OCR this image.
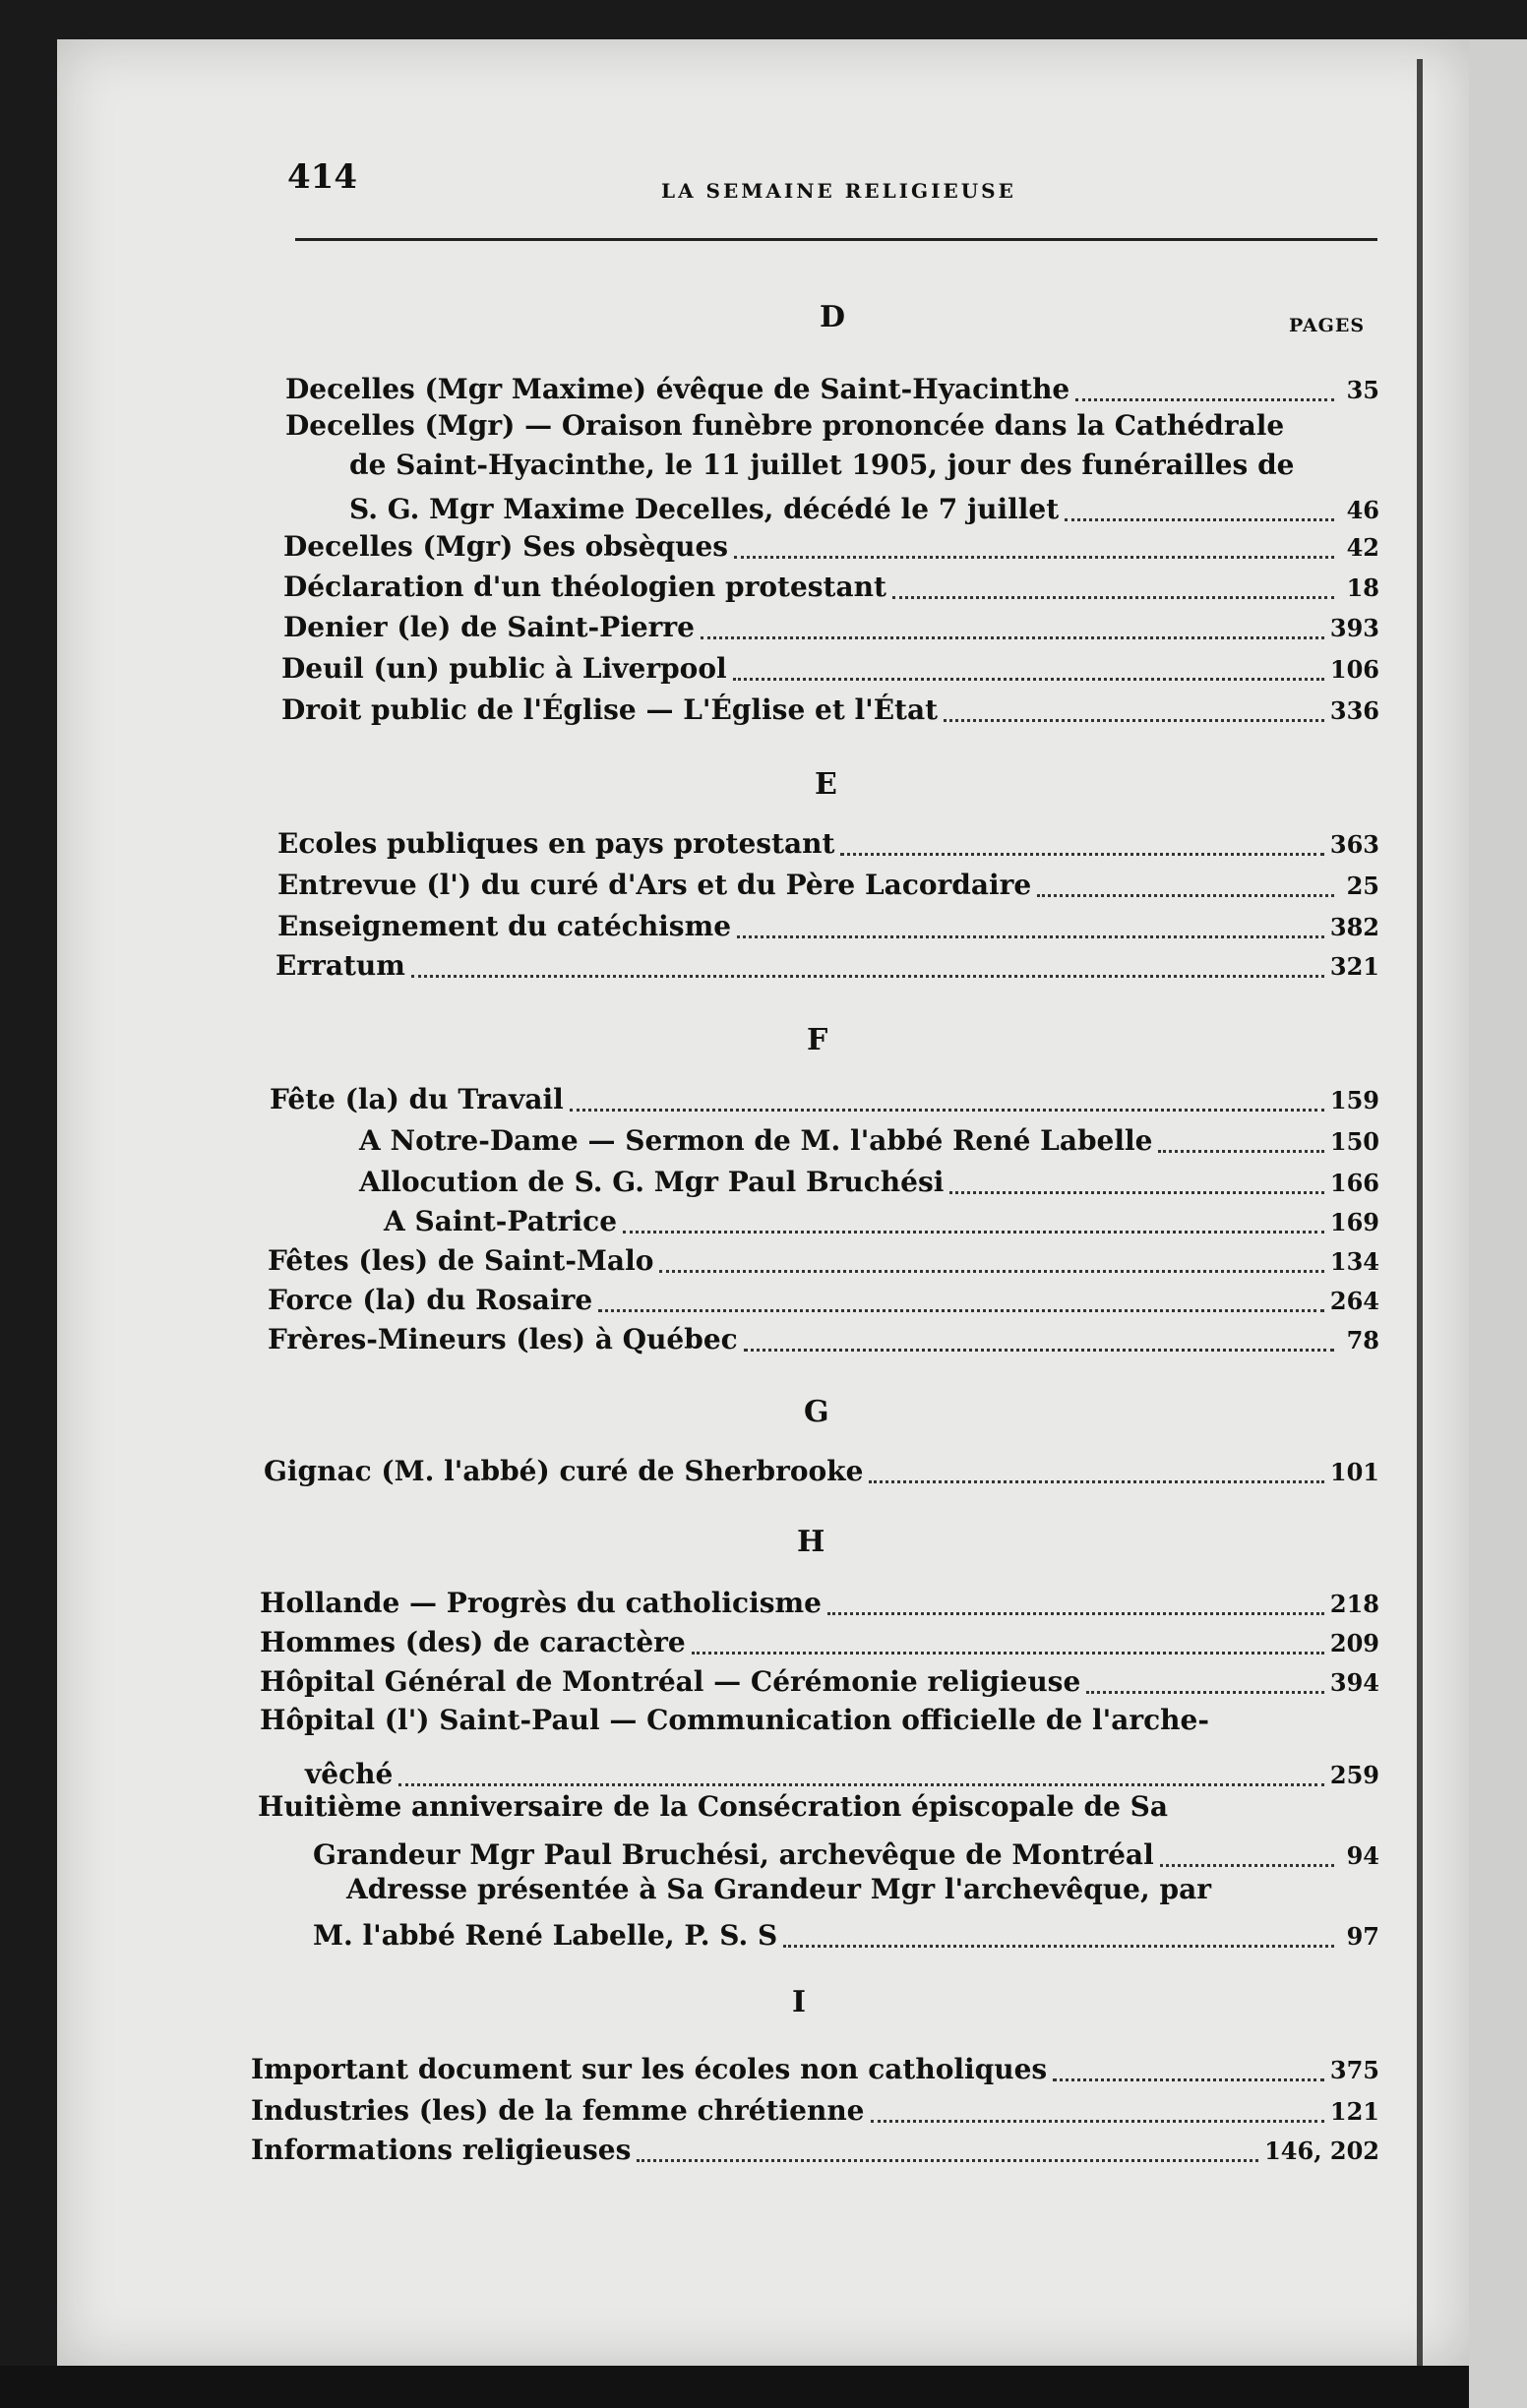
414	LA SEMAINE RELIGIEUSE
D	PAGES
Decelles (Mgr Maxime) évêque de Saint-Hyacinthe	35
Decelles (Mgr) — Oraison funèbre prononcée dans la Cathédrale
de Saint-Hyacinthe, le 11 juillet 1905, jour des funérailles de
S. G. Mgr Maxime Decelles, décédé le 7 juillet	46
Decelles (Mgr) Ses obsèques	42
Déclaration d'un théologien protestant	18
Denier (le) de Saint-Pierre	393
Deuil (un) public à Liverpool	106
Droit public de l'Église — L'Église et l'État	336
E
Ecoles publiques en pays protestant	363
Entrevue (l') du curé d'Ars et du Père Lacordaire	25
Enseignement du catéchisme	382
Erratum	321
F
Fête (la) du Travail	159
A Notre-Dame — Sermon de M. l'abbé René Labelle	150
Allocution de S. G. Mgr Paul Bruchési	166
A Saint-Patrice	169
Fêtes (les) de Saint-Malo	134
Force (la) du Rosaire	264
Frères-Mineurs (les) à Québec	78
G
Gignac (M. l'abbé) curé de Sherbrooke	101
H
Hollande — Progrès du catholicisme	218
Hommes (des) de caractère	209
Hôpital Général de Montréal — Cérémonie religieuse	394
Hôpital (l') Saint-Paul — Communication officielle de l'arche-
vêché	259
Huitième anniversaire de la Consécration épiscopale de Sa
Grandeur Mgr Paul Bruchési, archevêque de Montréal	94
Adresse présentée à Sa Grandeur Mgr l'archevêque, par
M. l'abbé René Labelle, P. S. S	97
I
Important document sur les écoles non catholiques	375
Industries (les) de la femme chrétienne	121
Informations religieuses	146, 202
